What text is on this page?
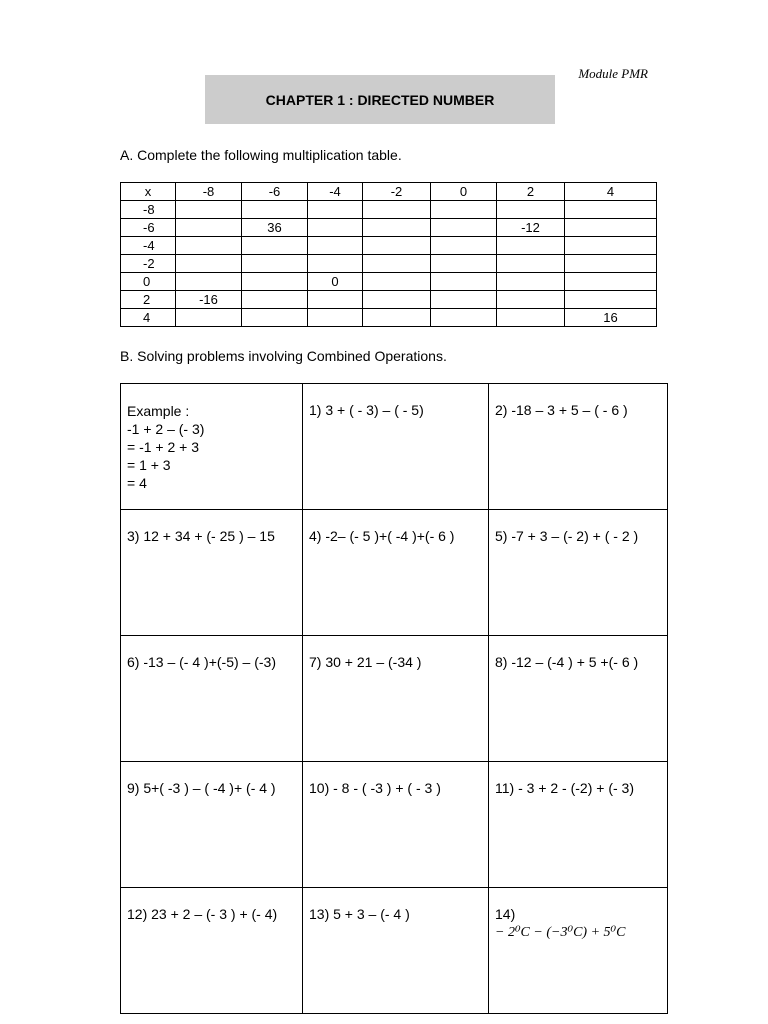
Module PMR
CHAPTER 1 : DIRECTED NUMBER
A. Complete the following multiplication table.
x	-8	-6	-4	-2	0	2	4
-8							
-6		36				-12	
-4							
-2							
0			0				
2	-16						
4							16
B. Solving problems involving Combined Operations.
Example :
-1 + 2 – (- 3)
= -1 + 2 + 3
= 1 + 3
= 4	1) 3 + ( - 3) – ( - 5)	2) -18 – 3 + 5 – ( - 6 )
3) 12 + 34 + (- 25 ) – 15	4) -2– (- 5 )+( -4 )+(- 6 )	5) -7 + 3 – (- 2) + ( - 2 )
6) -13 – (- 4 )+(-5) – (-3)	7) 30 + 21 – (-34 )	8) -12 – (-4 ) + 5 +(- 6 )
9) 5+( -3 ) – ( -4 )+ (- 4 )	10) - 8 - ( -3 ) + ( - 3 )	11) - 3 + 2 - (-2) + (- 3)
12) 23 + 2 – (- 3 ) + (- 4)	13) 5 + 3 – (- 4 )	14)
− 2⁰C − (−3⁰C) + 5⁰C
